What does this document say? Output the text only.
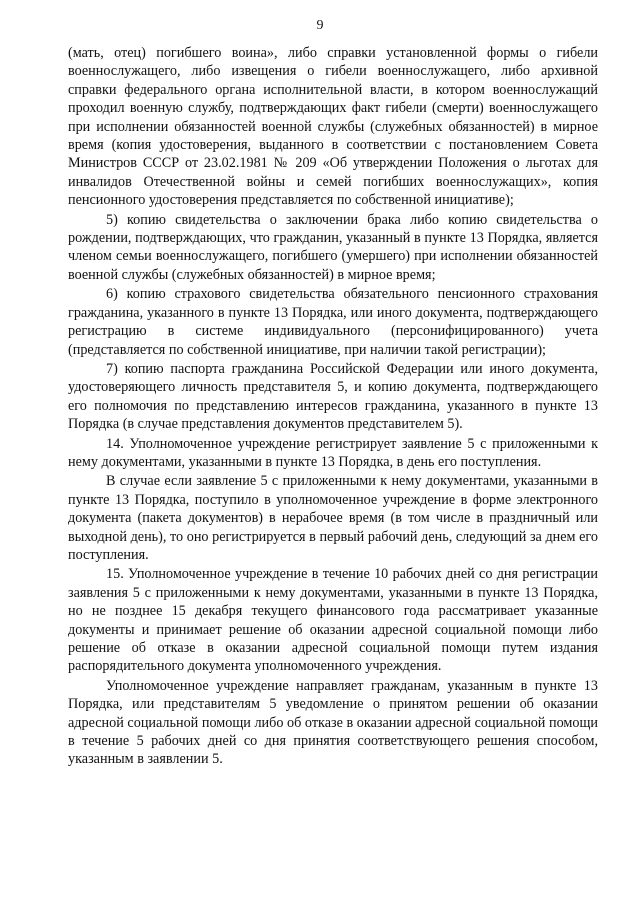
9

(мать, отец) погибшего воина», либо справки установленной формы о гибели военнослужащего, либо извещения о гибели военнослужащего, либо архивной справки федерального органа исполнительной власти, в котором военнослужащий проходил военную службу, подтверждающих факт гибели (смерти) военнослужащего при исполнении обязанностей военной службы (служебных обязанностей) в мирное время (копия удостоверения, выданного в соответствии с постановлением Совета Министров СССР от 23.02.1981 № 209 «Об утверждении Положения о льготах для инвалидов Отечественной войны и семей погибших военнослужащих», копия пенсионного удостоверения представляется по собственной инициативе);

5) копию свидетельства о заключении брака либо копию свидетельства о рождении, подтверждающих, что гражданин, указанный в пункте 13 Порядка, является членом семьи военнослужащего, погибшего (умершего) при исполнении обязанностей военной службы (служебных обязанностей) в мирное время;

6) копию страхового свидетельства обязательного пенсионного страхования гражданина, указанного в пункте 13 Порядка, или иного документа, подтверждающего регистрацию в системе индивидуального (персонифицированного) учета (представляется по собственной инициативе, при наличии такой регистрации);

7) копию паспорта гражданина Российской Федерации или иного документа, удостоверяющего личность представителя 5, и копию документа, подтверждающего его полномочия по представлению интересов гражданина, указанного в пункте 13 Порядка (в случае представления документов представителем 5).

14. Уполномоченное учреждение регистрирует заявление 5 с приложенными к нему документами, указанными в пункте 13 Порядка, в день его поступления.

В случае если заявление 5 с приложенными к нему документами, указанными в пункте 13 Порядка, поступило в уполномоченное учреждение в форме электронного документа (пакета документов) в нерабочее время (в том числе в праздничный или выходной день), то оно регистрируется в первый рабочий день, следующий за днем его поступления.

15. Уполномоченное учреждение в течение 10 рабочих дней со дня регистрации заявления 5 с приложенными к нему документами, указанными в пункте 13 Порядка, но не позднее 15 декабря текущего финансового года рассматривает указанные документы и принимает решение об оказании адресной социальной помощи либо решение об отказе в оказании адресной социальной помощи путем издания распорядительного документа уполномоченного учреждения.

Уполномоченное учреждение направляет гражданам, указанным в пункте 13 Порядка, или представителям 5 уведомление о принятом решении об оказании адресной социальной помощи либо об отказе в оказании адресной социальной помощи в течение 5 рабочих дней со дня принятия соответствующего решения способом, указанным в заявлении 5.
